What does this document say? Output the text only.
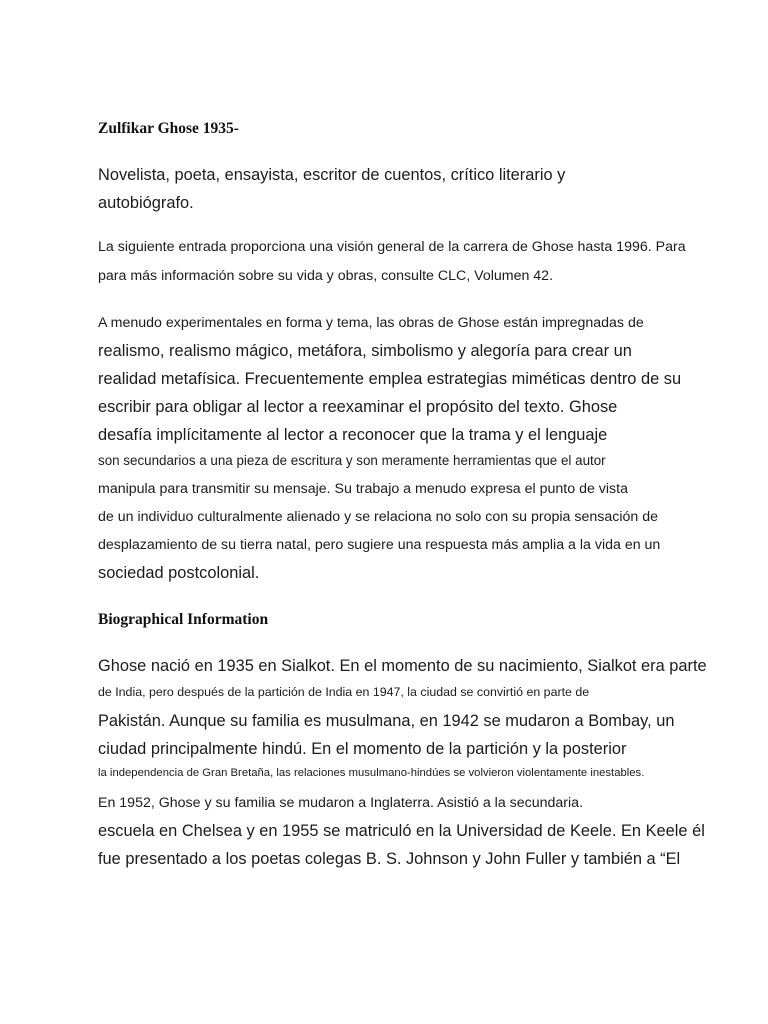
Zulfikar Ghose 1935-
Novelista, poeta, ensayista, escritor de cuentos, crítico literario y
autobiógrafo.
La siguiente entrada proporciona una visión general de la carrera de Ghose hasta 1996. Para
para más información sobre su vida y obras, consulte CLC, Volumen 42.
A menudo experimentales en forma y tema, las obras de Ghose están impregnadas de
realismo, realismo mágico, metáfora, simbolismo y alegoría para crear un
realidad metafísica. Frecuentemente emplea estrategias miméticas dentro de su
escribir para obligar al lector a reexaminar el propósito del texto. Ghose
desafía implícitamente al lector a reconocer que la trama y el lenguaje
son secundarios a una pieza de escritura y son meramente herramientas que el autor
manipula para transmitir su mensaje. Su trabajo a menudo expresa el punto de vista
de un individuo culturalmente alienado y se relaciona no solo con su propia sensación de
desplazamiento de su tierra natal, pero sugiere una respuesta más amplia a la vida en un
sociedad postcolonial.
Biographical Information
Ghose nació en 1935 en Sialkot. En el momento de su nacimiento, Sialkot era parte
de India, pero después de la partición de India en 1947, la ciudad se convirtió en parte de
Pakistán. Aunque su familia es musulmana, en 1942 se mudaron a Bombay, un
ciudad principalmente hindú. En el momento de la partición y la posterior
la independencia de Gran Bretaña, las relaciones musulmano-hindúes se volvieron violentamente inestables.
En 1952, Ghose y su familia se mudaron a Inglaterra. Asistió a la secundaria.
escuela en Chelsea y en 1955 se matriculó en la Universidad de Keele. En Keele él
fue presentado a los poetas colegas B. S. Johnson y John Fuller y también a “El
